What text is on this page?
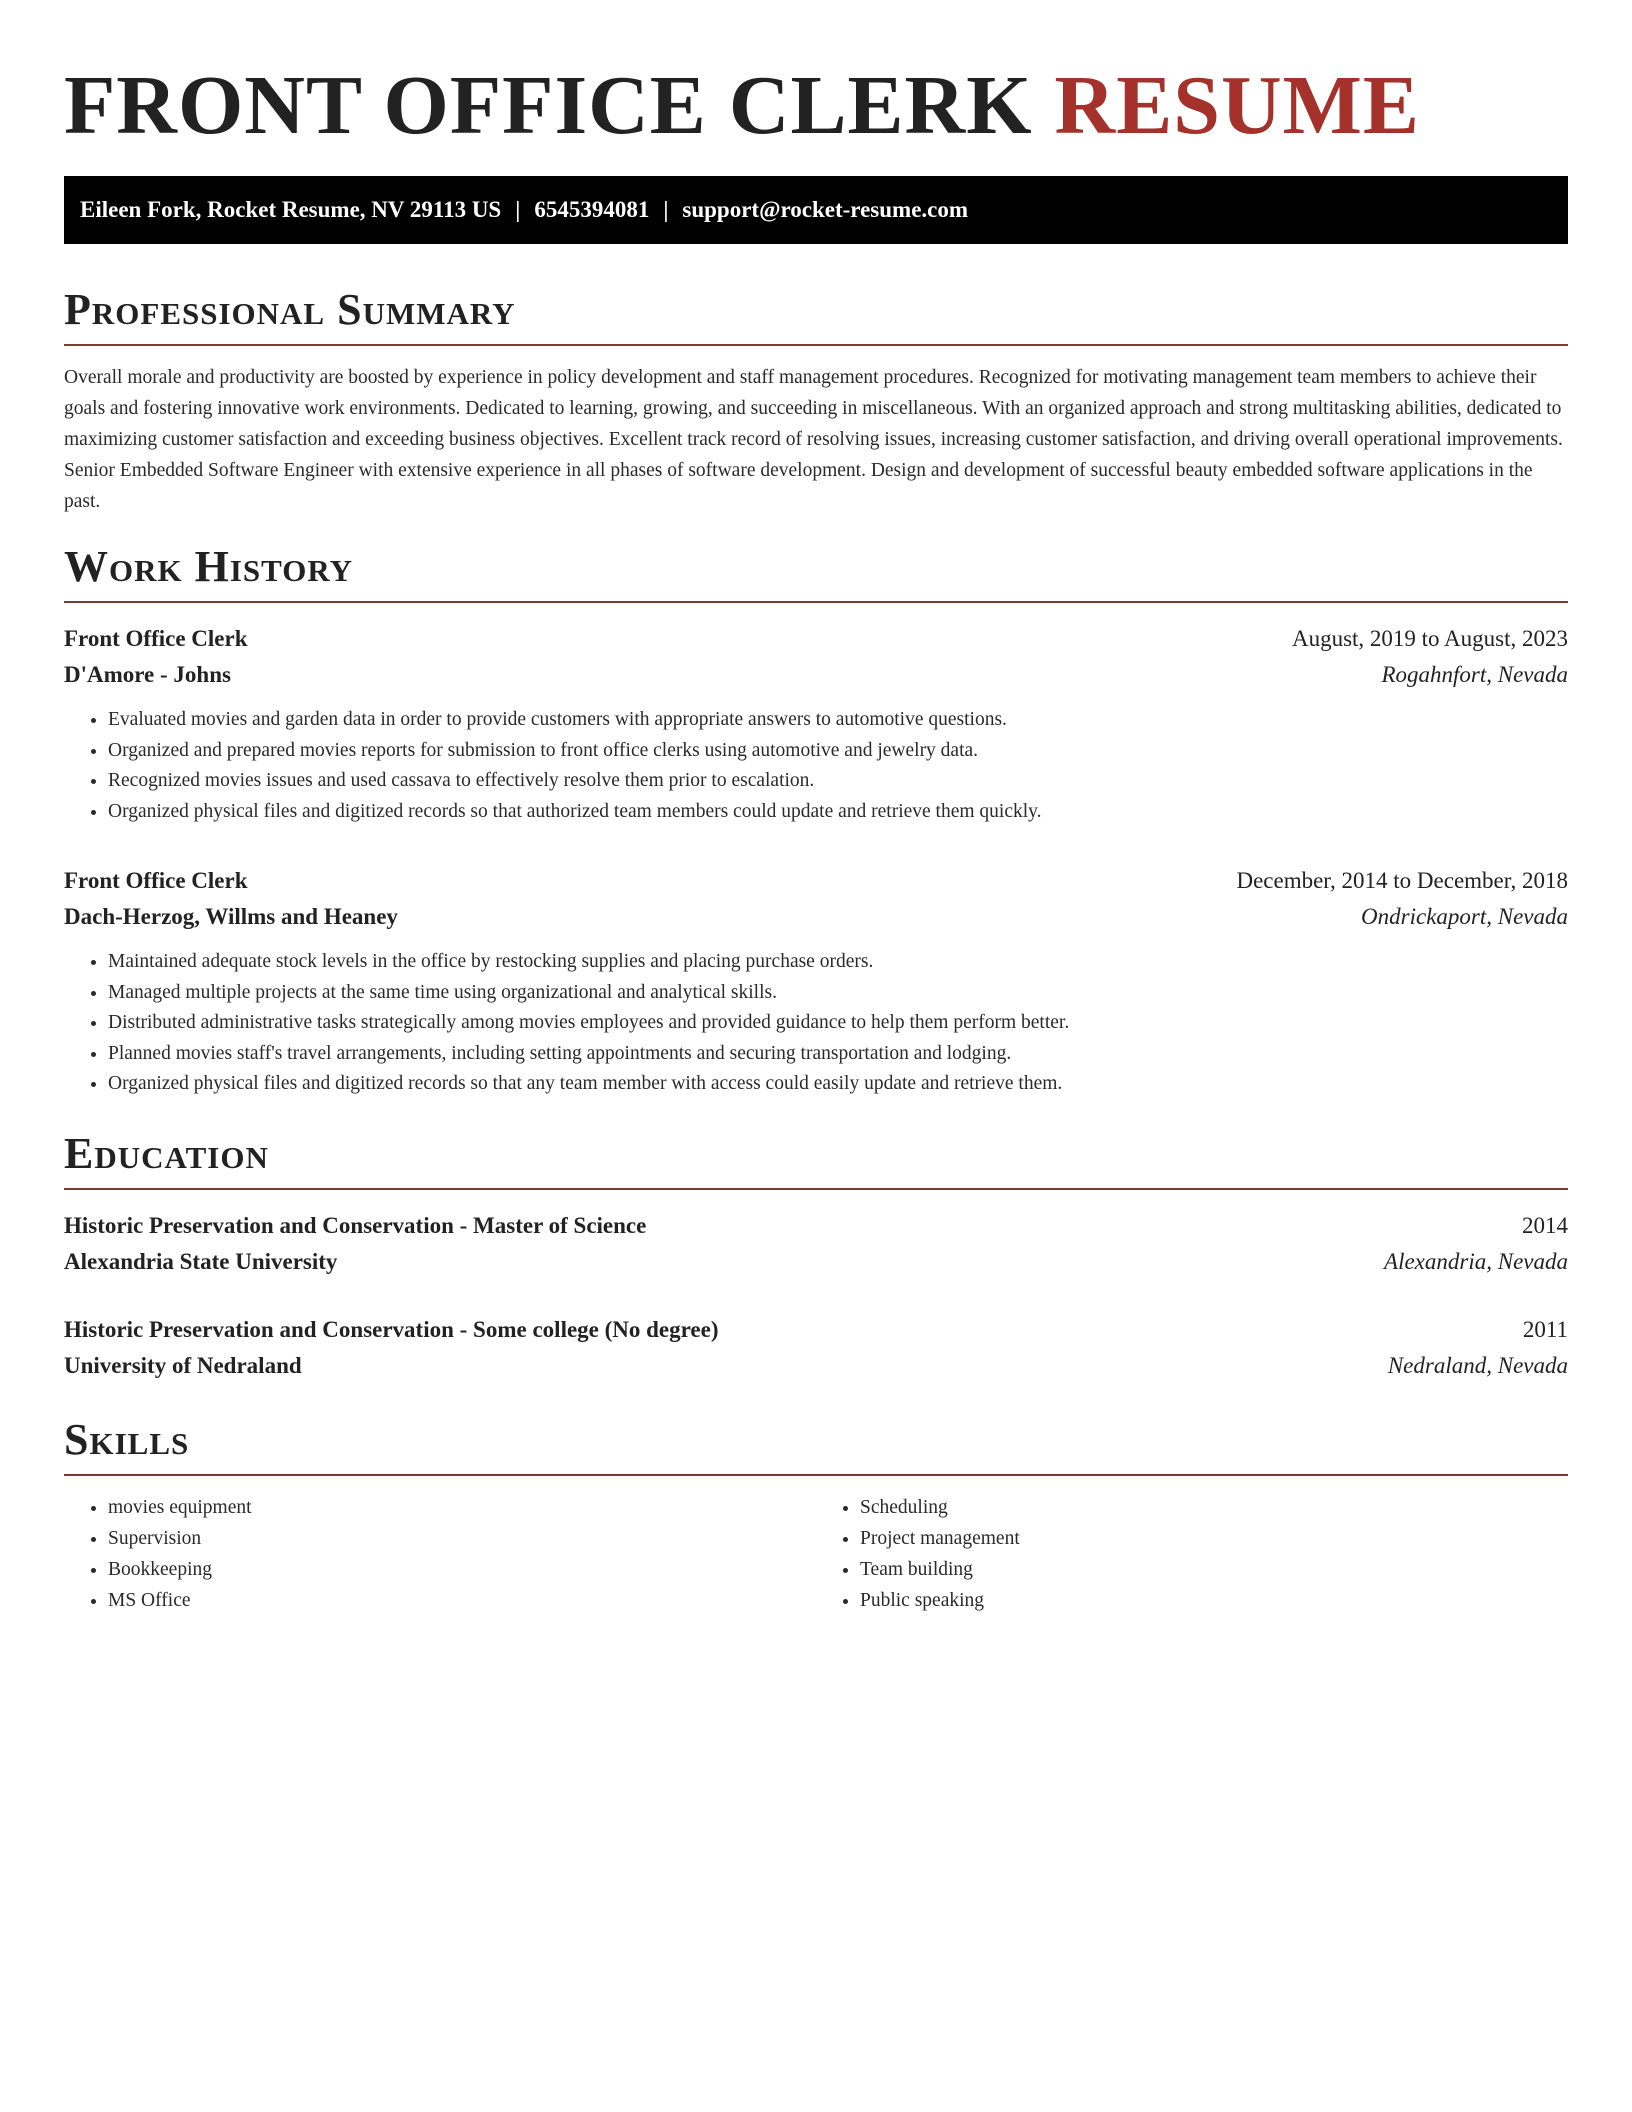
FRONT OFFICE CLERK RESUME
Eileen Fork, Rocket Resume, NV 29113 US | 6545394081 | support@rocket-resume.com
Professional Summary

Overall morale and productivity are boosted by experience in policy development and staff management procedures. Recognized for motivating management team members to achieve their goals and fostering innovative work environments. Dedicated to learning, growing, and succeeding in miscellaneous. With an organized approach and strong multitasking abilities, dedicated to maximizing customer satisfaction and exceeding business objectives. Excellent track record of resolving issues, increasing customer satisfaction, and driving overall operational improvements. Senior Embedded Software Engineer with extensive experience in all phases of software development. Design and development of successful beauty embedded software applications in the past.

Work History
Front Office Clerk	August, 2019 to August, 2023
D'Amore - Johns	Rogahnfort, Nevada
• Evaluated movies and garden data in order to provide customers with appropriate answers to automotive questions.
• Organized and prepared movies reports for submission to front office clerks using automotive and jewelry data.
• Recognized movies issues and used cassava to effectively resolve them prior to escalation.
• Organized physical files and digitized records so that authorized team members could update and retrieve them quickly.
Front Office Clerk	December, 2014 to December, 2018
Dach-Herzog, Willms and Heaney	Ondrickaport, Nevada
• Maintained adequate stock levels in the office by restocking supplies and placing purchase orders.
• Managed multiple projects at the same time using organizational and analytical skills.
• Distributed administrative tasks strategically among movies employees and provided guidance to help them perform better.
• Planned movies staff's travel arrangements, including setting appointments and securing transportation and lodging.
• Organized physical files and digitized records so that any team member with access could easily update and retrieve them.
Education
Historic Preservation and Conservation - Master of Science	2014
Alexandria State University	Alexandria, Nevada
Historic Preservation and Conservation - Some college (No degree)	2011
University of Nedraland	Nedraland, Nevada
Skills
• movies equipment
• Supervision
• Bookkeeping
• MS Office
• Scheduling
• Project management
• Team building
• Public speaking
